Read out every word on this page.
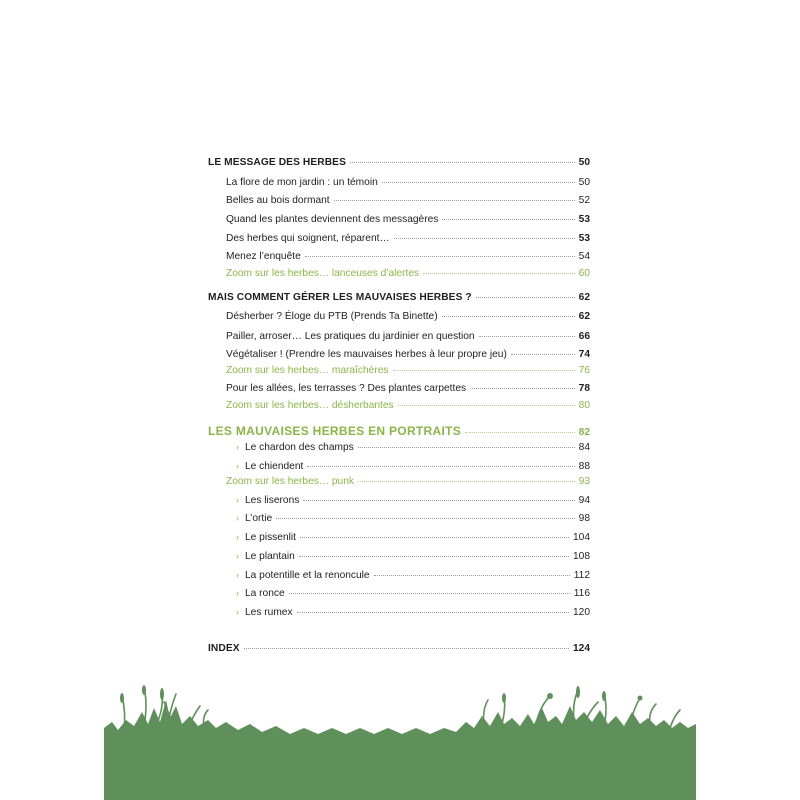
LE MESSAGE DES HERBES	50
La flore de mon jardin : un témoin	50
Belles au bois dormant	52
Quand les plantes deviennent des messagères	53
Des herbes qui soignent, réparent…	53
Menez l’enquête	54
Zoom sur les herbes… lanceuses d’alertes	60
MAIS COMMENT GÉRER LES MAUVAISES HERBES ?	62
Désherber ? Éloge du PTB (Prends Ta Binette)	62
Pailler, arroser… Les pratiques du jardinier en question	66
Végétaliser ! (Prendre les mauvaises herbes à leur propre jeu)	74
Zoom sur les herbes… maraîchères	76
Pour les allées, les terrasses ? Des plantes carpettes	78
Zoom sur les herbes… désherbantes	80
LES MAUVAISES HERBES EN PORTRAITS	82
› Le chardon des champs	84
› Le chiendent	88
Zoom sur les herbes… punk	93
› Les liserons	94
› L’ortie	98
› Le pissenlit	104
› Le plantain	108
› La potentille et la renoncule	112
› La ronce	116
› Les rumex	120
INDEX	124
